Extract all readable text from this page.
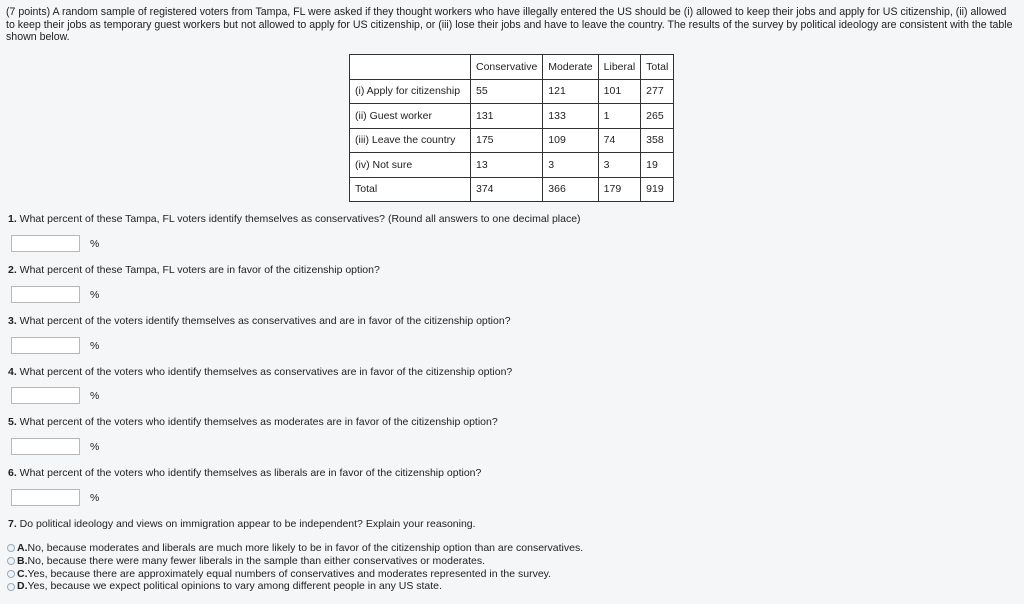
(7 points) A random sample of registered voters from Tampa, FL were asked if they thought workers who have illegally entered the US should be (i) allowed to keep their jobs and apply for US citizenship, (ii) allowed to keep their jobs as temporary guest workers but not allowed to apply for US citizenship, or (iii) lose their jobs and have to leave the country. The results of the survey by political ideology are consistent with the table shown below.
	Conservative	Moderate	Liberal	Total
(i) Apply for citizenship	55	121	101	277
(ii) Guest worker	131	133	1	265
(iii) Leave the country	175	109	74	358
(iv) Not sure	13	3	3	19
Total	374	366	179	919
1. What percent of these Tampa, FL voters identify themselves as conservatives? (Round all answers to one decimal place)
%
2. What percent of these Tampa, FL voters are in favor of the citizenship option?
%
3. What percent of the voters identify themselves as conservatives and are in favor of the citizenship option?
%
4. What percent of the voters who identify themselves as conservatives are in favor of the citizenship option?
%
5. What percent of the voters who identify themselves as moderates are in favor of the citizenship option?
%
6. What percent of the voters who identify themselves as liberals are in favor of the citizenship option?
%
7. Do political ideology and views on immigration appear to be independent? Explain your reasoning.
A. No, because moderates and liberals are much more likely to be in favor of the citizenship option than are conservatives.
B. No, because there were many fewer liberals in the sample than either conservatives or moderates.
C. Yes, because there are approximately equal numbers of conservatives and moderates represented in the survey.
D. Yes, because we expect political opinions to vary among different people in any US state.
